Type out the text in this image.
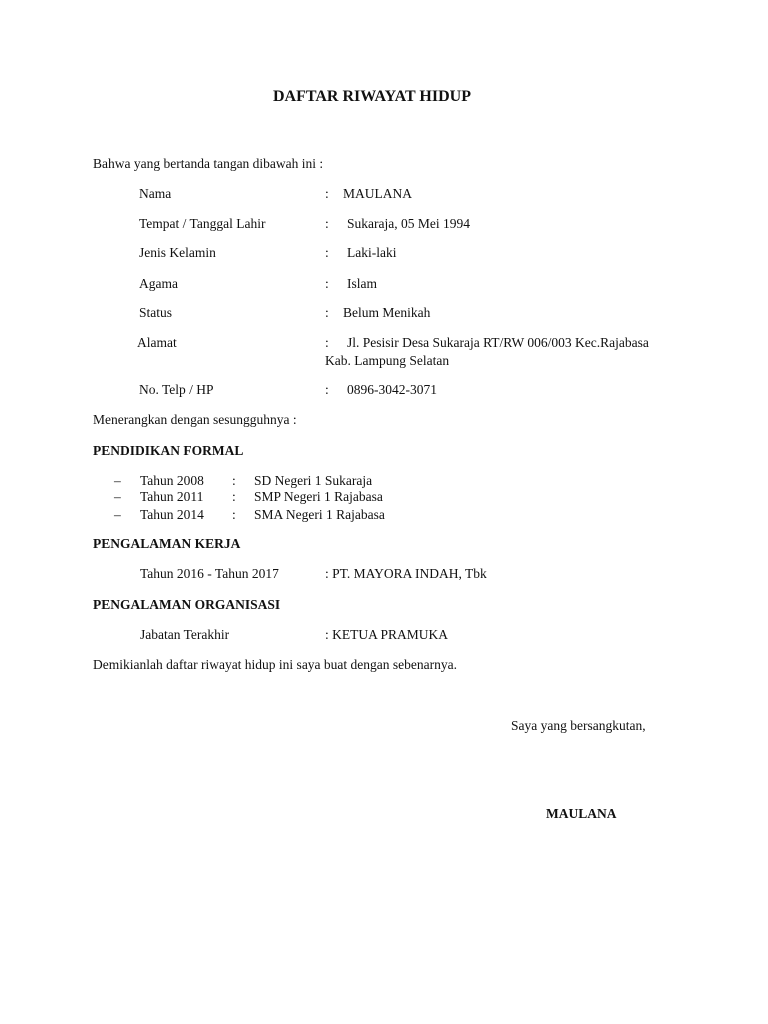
DAFTAR RIWAYAT HIDUP
Bahwa yang bertanda tangan dibawah ini :
Nama	: MAULANA
Tempat / Tanggal Lahir	: Sukaraja, 05 Mei 1994
Jenis Kelamin	: Laki-laki
Agama	: Islam
Status	: Belum Menikah
Alamat	: Jl. Pesisir Desa Sukaraja RT/RW 006/003 Kec.Rajabasa
Kab. Lampung Selatan
No. Telp / HP	: 0896-3042-3071
Menerangkan dengan sesungguhnya :
PENDIDIKAN FORMAL
– Tahun 2008 : SD Negeri 1 Sukaraja
– Tahun 2011 : SMP Negeri 1 Rajabasa
– Tahun 2014 : SMA Negeri 1 Rajabasa
PENGALAMAN KERJA
Tahun 2016 - Tahun 2017	: PT. MAYORA INDAH, Tbk
PENGALAMAN ORGANISASI
Jabatan Terakhir	: KETUA PRAMUKA
Demikianlah daftar riwayat hidup ini saya buat dengan sebenarnya.
Saya yang bersangkutan,
MAULANA
